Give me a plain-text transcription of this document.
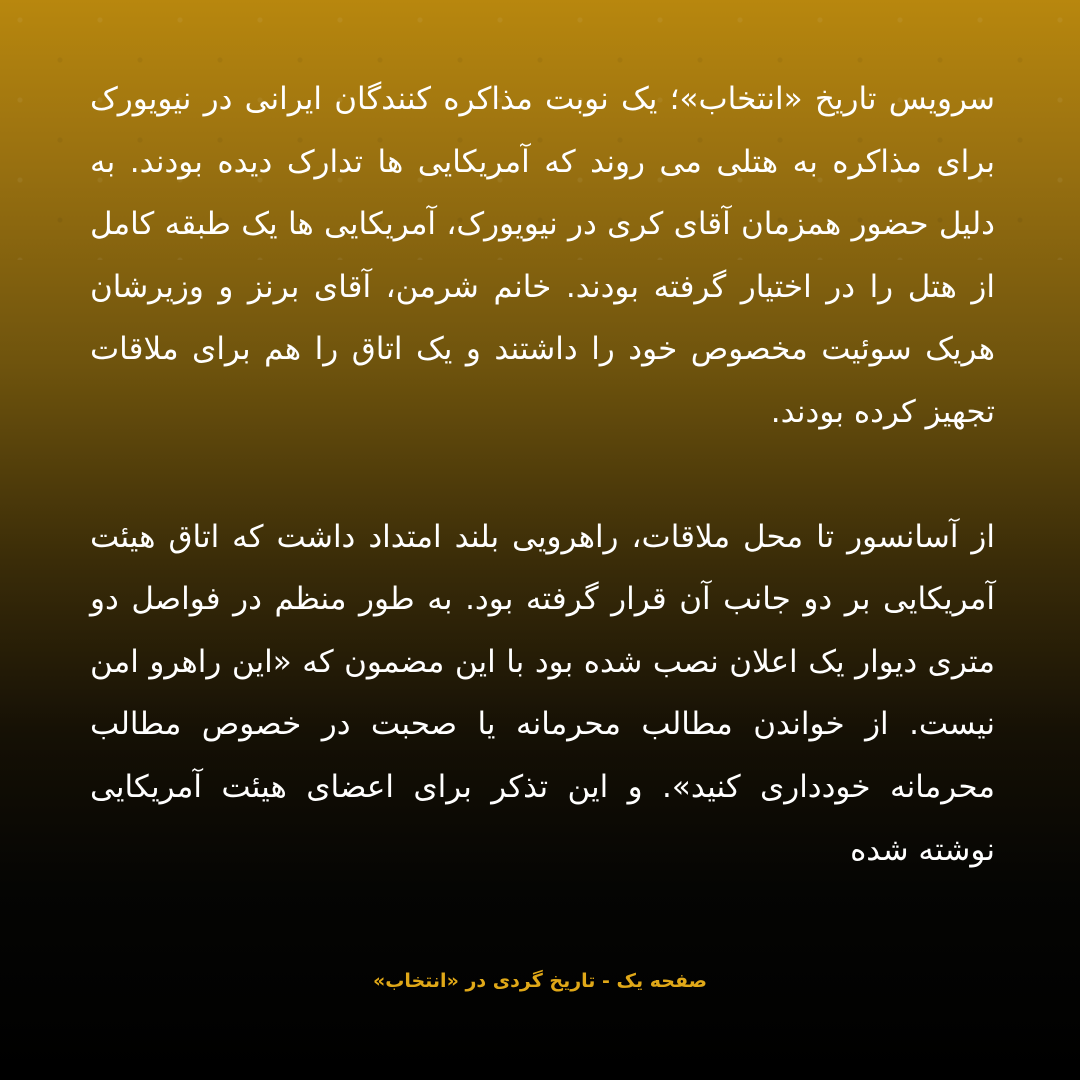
سرویس تاریخ «انتخاب»؛ یک نوبت مذاکره کنندگان ایرانی در نیویورک برای مذاکره به هتلی می روند که آمریکایی ها تدارک دیده بودند. به دلیل حضور همزمان آقای کری در نیویورک، آمریکایی ها یک طبقه کامل از هتل را در اختیار گرفته بودند. خانم شرمن، آقای برنز و وزیرشان هریک سوئیت مخصوص خود را داشتند و یک اتاق را هم برای ملاقات تجهیز کرده بودند.

از آسانسور تا محل ملاقات، راهرویی بلند امتداد داشت که اتاق هیئت آمریکایی بر دو جانب آن قرار گرفته بود. به طور منظم در فواصل دو متری دیوار یک اعلان نصب شده بود با این مضمون که «این راهرو امن نیست. از خواندن مطالب محرمانه یا صحبت در خصوص مطالب محرمانه خودداری کنید». و این تذکر برای اعضای هیئت آمریکایی نوشته شده

صفحه یک - تاریخ گردی در «انتخاب»
